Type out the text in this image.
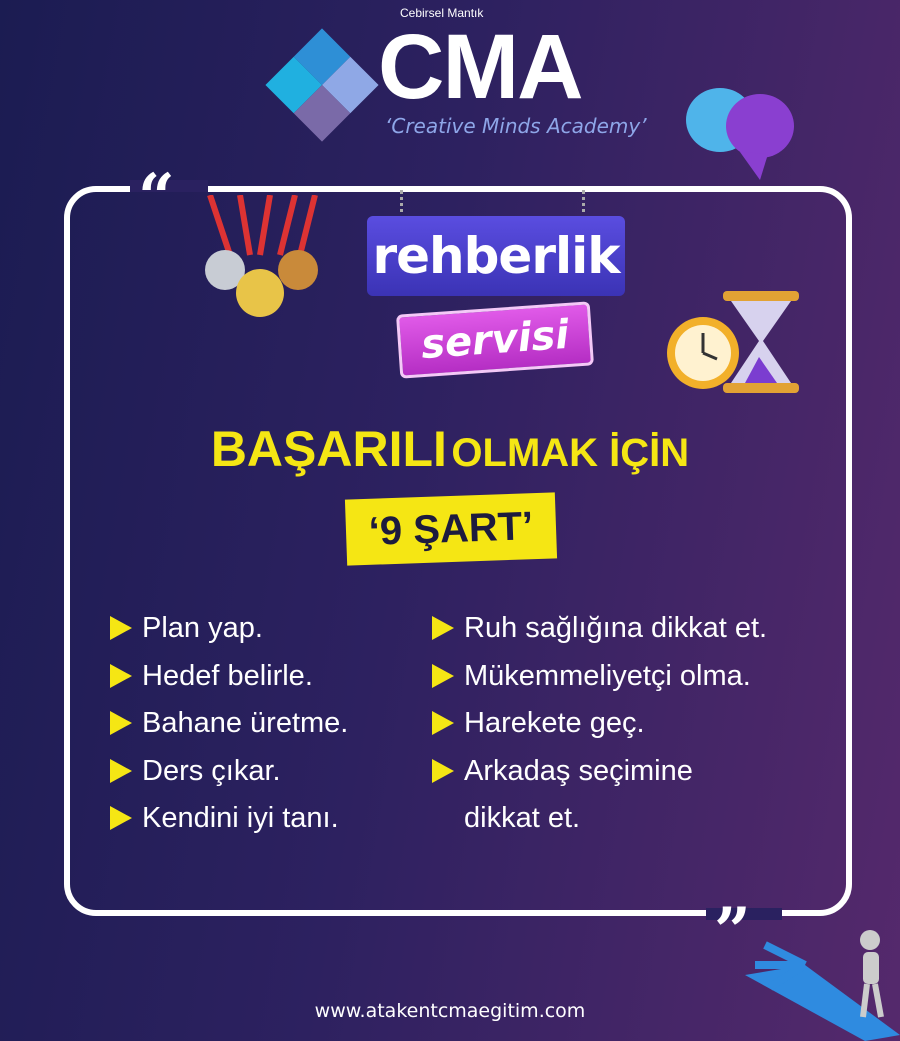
Cebirsel Mantık
CMA
‘Creative Minds Academy’
“
”
rehberlik
servisi
BAŞARILI OLMAK İÇİN
‘9 ŞART’
Plan yap.
Hedef belirle.
Bahane üretme.
Ders çıkar.
Kendini iyi tanı.
Ruh sağlığına dikkat et.
Mükemmeliyetçi olma.
Harekete geç.
Arkadaş seçimine
dikkat et.
www.atakentcmaegitim.com
